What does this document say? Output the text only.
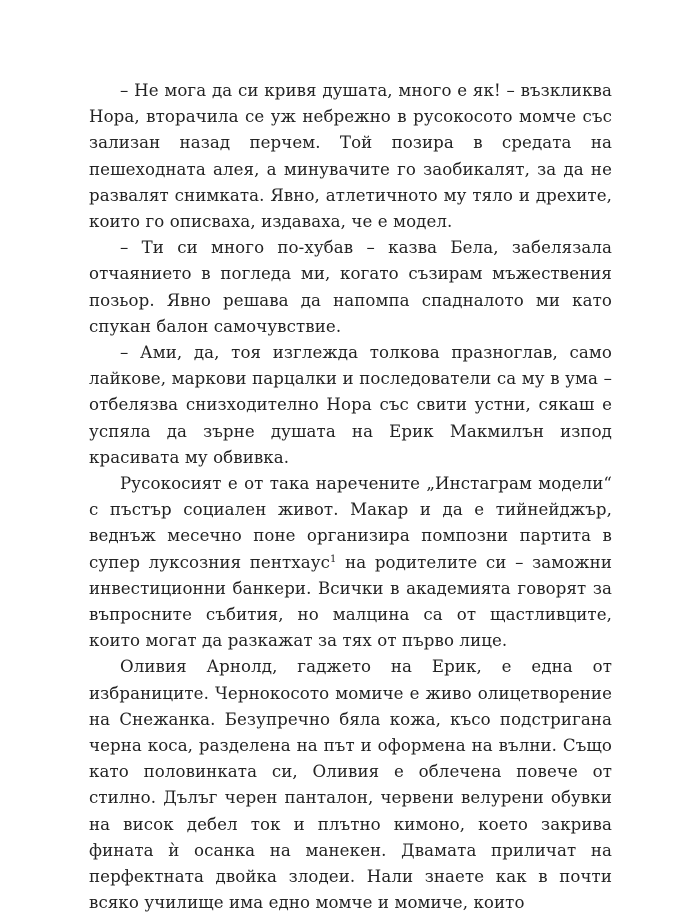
– Не мога да си кривя душата, много е як! – възкликва Нора, вторачила се уж небрежно в русокосото момче със зализан назад перчем. Той позира в средата на пешеходната алея, а минувачите го заобикалят, за да не развалят снимката. Явно, атлетичното му тяло и дрехите, които го описваха, издаваха, че е модел.

– Ти си много по-хубав – казва Бела, забелязала отчаянието в погледа ми, когато съзирам мъжествения позьор. Явно решава да напомпа спадналото ми като спукан балон самочувствие.

– Ами, да, тоя изглежда толкова празноглав, само лайкове, маркови парцалки и последователи са му в ума – отбелязва снизходително Нора със свити устни, сякаш е успяла да зърне душата на Ерик Макмилън изпод красивата му обвивка.

Русокосият е от така наречените „Инстаграм модели“ с пъстър социален живот. Макар и да е тийнейджър, веднъж месечно поне организира помпозни партита в супер луксозния пентхаус$^1$ на родителите си – заможни инвестиционни банкери. Всички в академията говорят за въпросните събития, но малцина са от щастливците, които могат да разкажат за тях от първо лице.

Оливия Арнолд, гаджето на Ерик, е една от избраниците. Чернокосото момиче е живо олицетворение на Снежанка. Безупречно бяла кожа, късо подстригана черна коса, разделена на път и оформена на вълни. Също като половинката си, Оливия е облечена повече от стилно. Дълъг черен панталон, червени велурени обувки на висок дебел ток и плътно кимоно, което закрива фината ѝ осанка на манекен. Двамата приличат на перфектната двойка злодеи. Нали знаете как в почти всяко училище има едно момче и момиче, които
